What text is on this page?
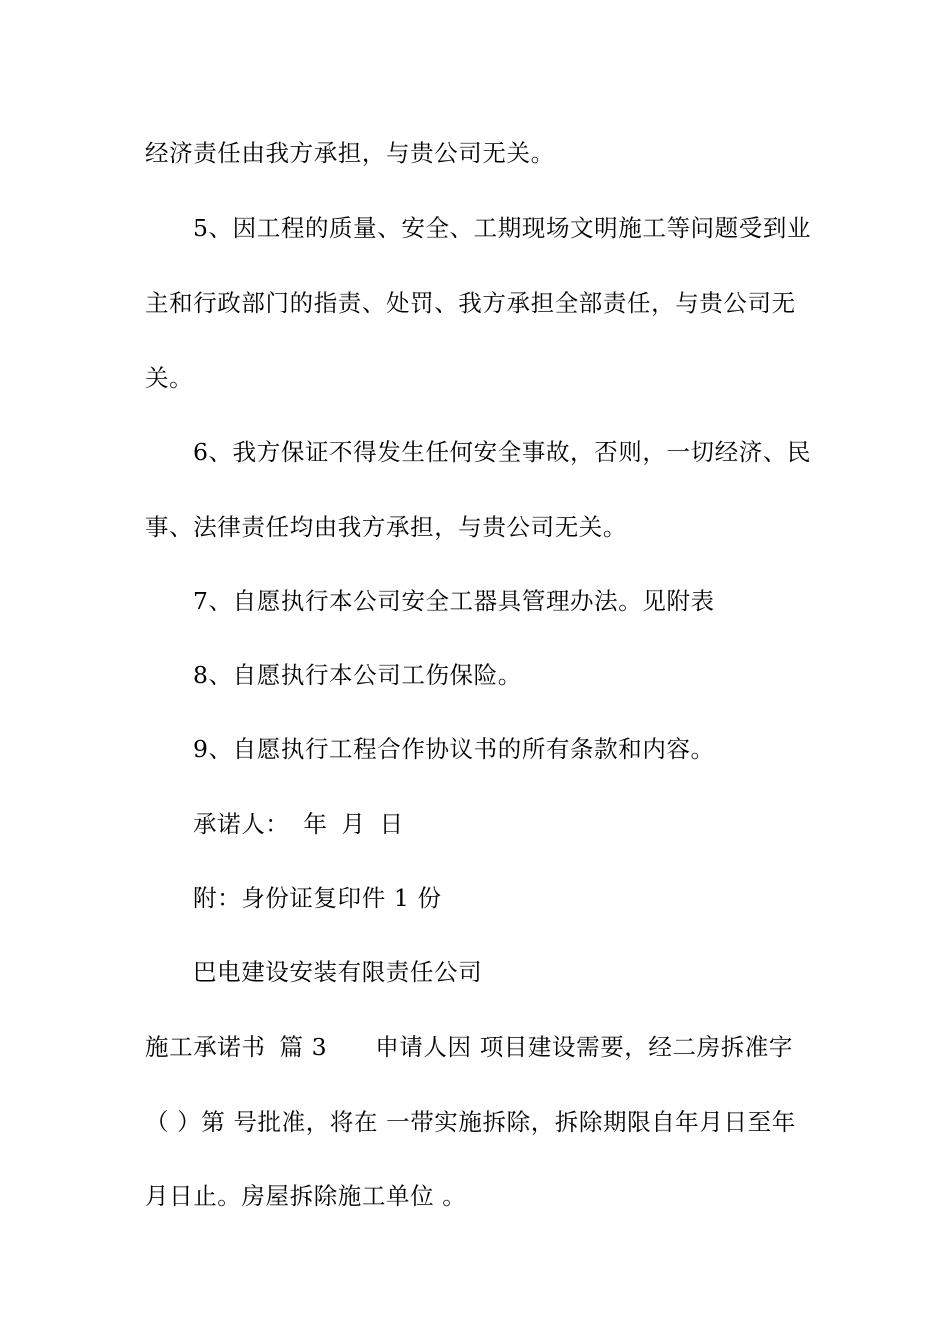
经济责任由我方承担，与贵公司无关。
5、因工程的质量、安全、工期现场文明施工等问题受到业
主和行政部门的指责、处罚、我方承担全部责任，与贵公司无
关。
6、我方保证不得发生任何安全事故，否则，一切经济、民
事、法律责任均由我方承担，与贵公司无关。
7、自愿执行本公司安全工器具管理办法。见附表
8、自愿执行本公司工伤保险。
9、自愿执行工程合作协议书的所有条款和内容。
承诺人： 年 月 日
附：身份证复印件 1 份
巴电建设安装有限责任公司
施工承诺书 篇 3 申请人因 项目建设需要，经二房拆准字
（ ）第 号批准，将在 一带实施拆除，拆除期限自年月日至年
月日止。房屋拆除施工单位 。
